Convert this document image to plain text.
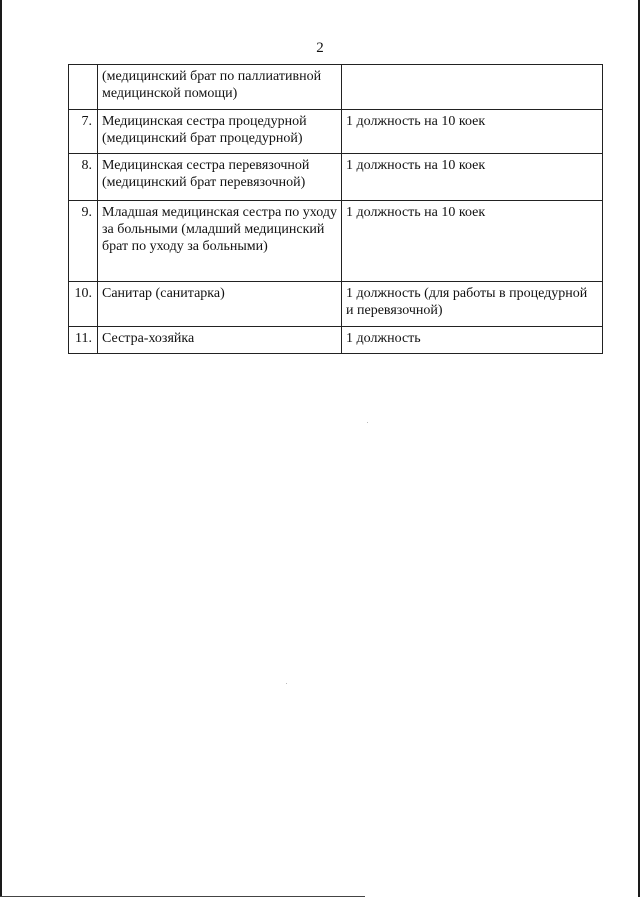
2
	(медицинский брат по паллиативной медицинской помощи)	
7.	Медицинская сестра процедурной (медицинский брат процедурной)	1 должность на 10 коек
8.	Медицинская сестра перевязочной (медицинский брат перевязочной)	1 должность на 10 коек
9.	Младшая медицинская сестра по уходу за больными (младший медицинский брат по уходу за больными)	1 должность на 10 коек
10.	Санитар (санитарка)	1 должность (для работы в процедурной и перевязочной)
11.	Сестра-хозяйка	1 должность
